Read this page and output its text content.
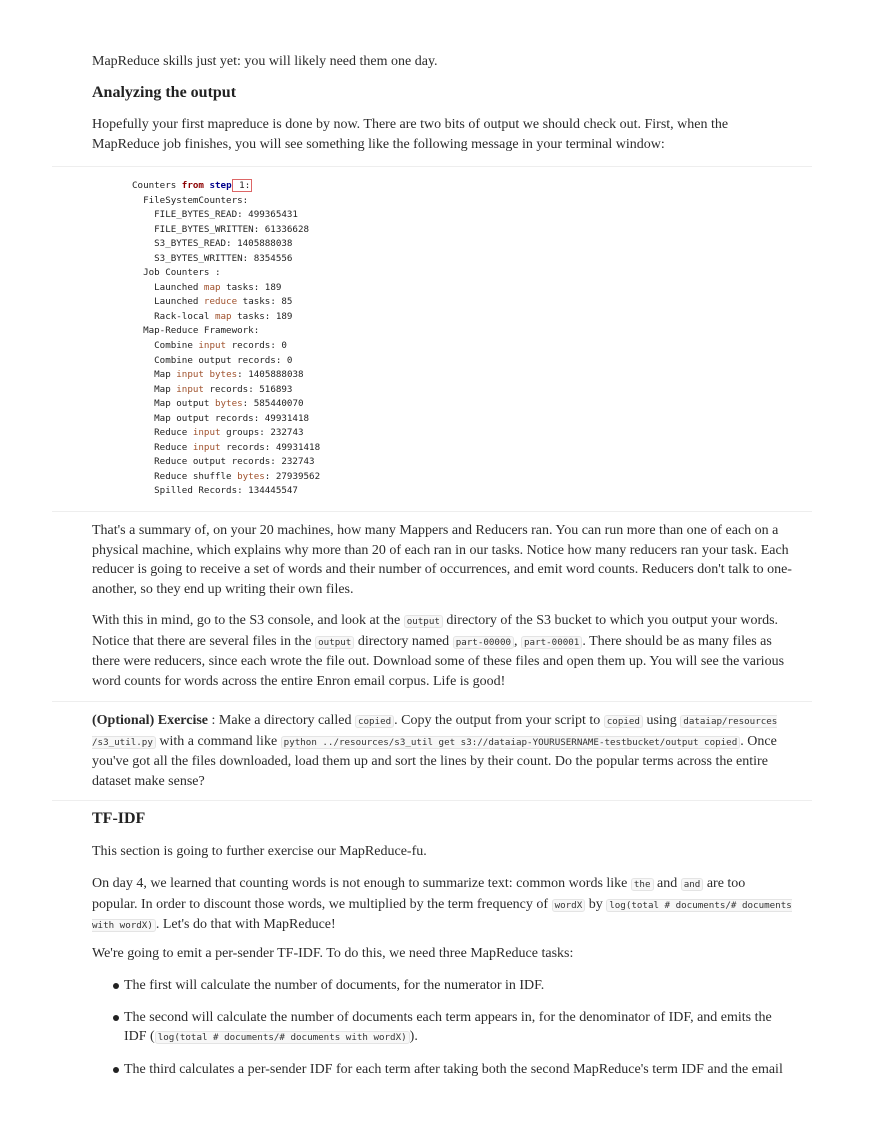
MapReduce skills just yet: you will likely need them one day.

Analyzing the output

Hopefully your first mapreduce is done by now. There are two bits of output we should check out. First, when the MapReduce job finishes, you will see something like the following message in your terminal window:

Counters from step 1:
FileSystemCounters:
FILE_BYTES_READ: 499365431
FILE_BYTES_WRITTEN: 61336628
S3_BYTES_READ: 1405888038
S3_BYTES_WRITTEN: 8354556
Job Counters :
Launched map tasks: 189
Launched reduce tasks: 85
Rack-local map tasks: 189
Map-Reduce Framework:
Combine input records: 0
Combine output records: 0
Map input bytes: 1405888038
Map input records: 516893
Map output bytes: 585440070
Map output records: 49931418
Reduce input groups: 232743
Reduce input records: 49931418
Reduce output records: 232743
Reduce shuffle bytes: 27939562
Spilled Records: 134445547

That's a summary of, on your 20 machines, how many Mappers and Reducers ran. You can run more than one of each on a physical machine, which explains why more than 20 of each ran in our tasks. Notice how many reducers ran your task. Each reducer is going to receive a set of words and their number of occurrences, and emit word counts. Reducers don't talk to one-another, so they end up writing their own files.

With this in mind, go to the S3 console, and look at the output directory of the S3 bucket to which you output your words. Notice that there are several files in the output directory named part-00000 , part-00001 . There should be as many files as there were reducers, since each wrote the file out. Download some of these files and open them up. You will see the various word counts for words across the entire Enron email corpus. Life is good!

(Optional) Exercise : Make a directory called copied . Copy the output from your script to copied using dataiap/resources /s3_util.py with a command like python ../resources/s3_util get s3://dataiap-YOURUSERNAME-testbucket/output copied . Once you've got all the files downloaded, load them up and sort the lines by their count. Do the popular terms across the entire dataset make sense?

TF-IDF

This section is going to further exercise our MapReduce-fu.

On day 4, we learned that counting words is not enough to summarize text: common words like the and and are too popular. In order to discount those words, we multiplied by the term frequency of wordX by log(total # documents/# documents with wordX) . Let's do that with MapReduce!

We're going to emit a per-sender TF-IDF. To do this, we need three MapReduce tasks:

The first will calculate the number of documents, for the numerator in IDF.
The second will calculate the number of documents each term appears in, for the denominator of IDF, and emits the IDF ( log(total # documents/# documents with wordX) ).
The third calculates a per-sender IDF for each term after taking both the second MapReduce's term IDF and the email
